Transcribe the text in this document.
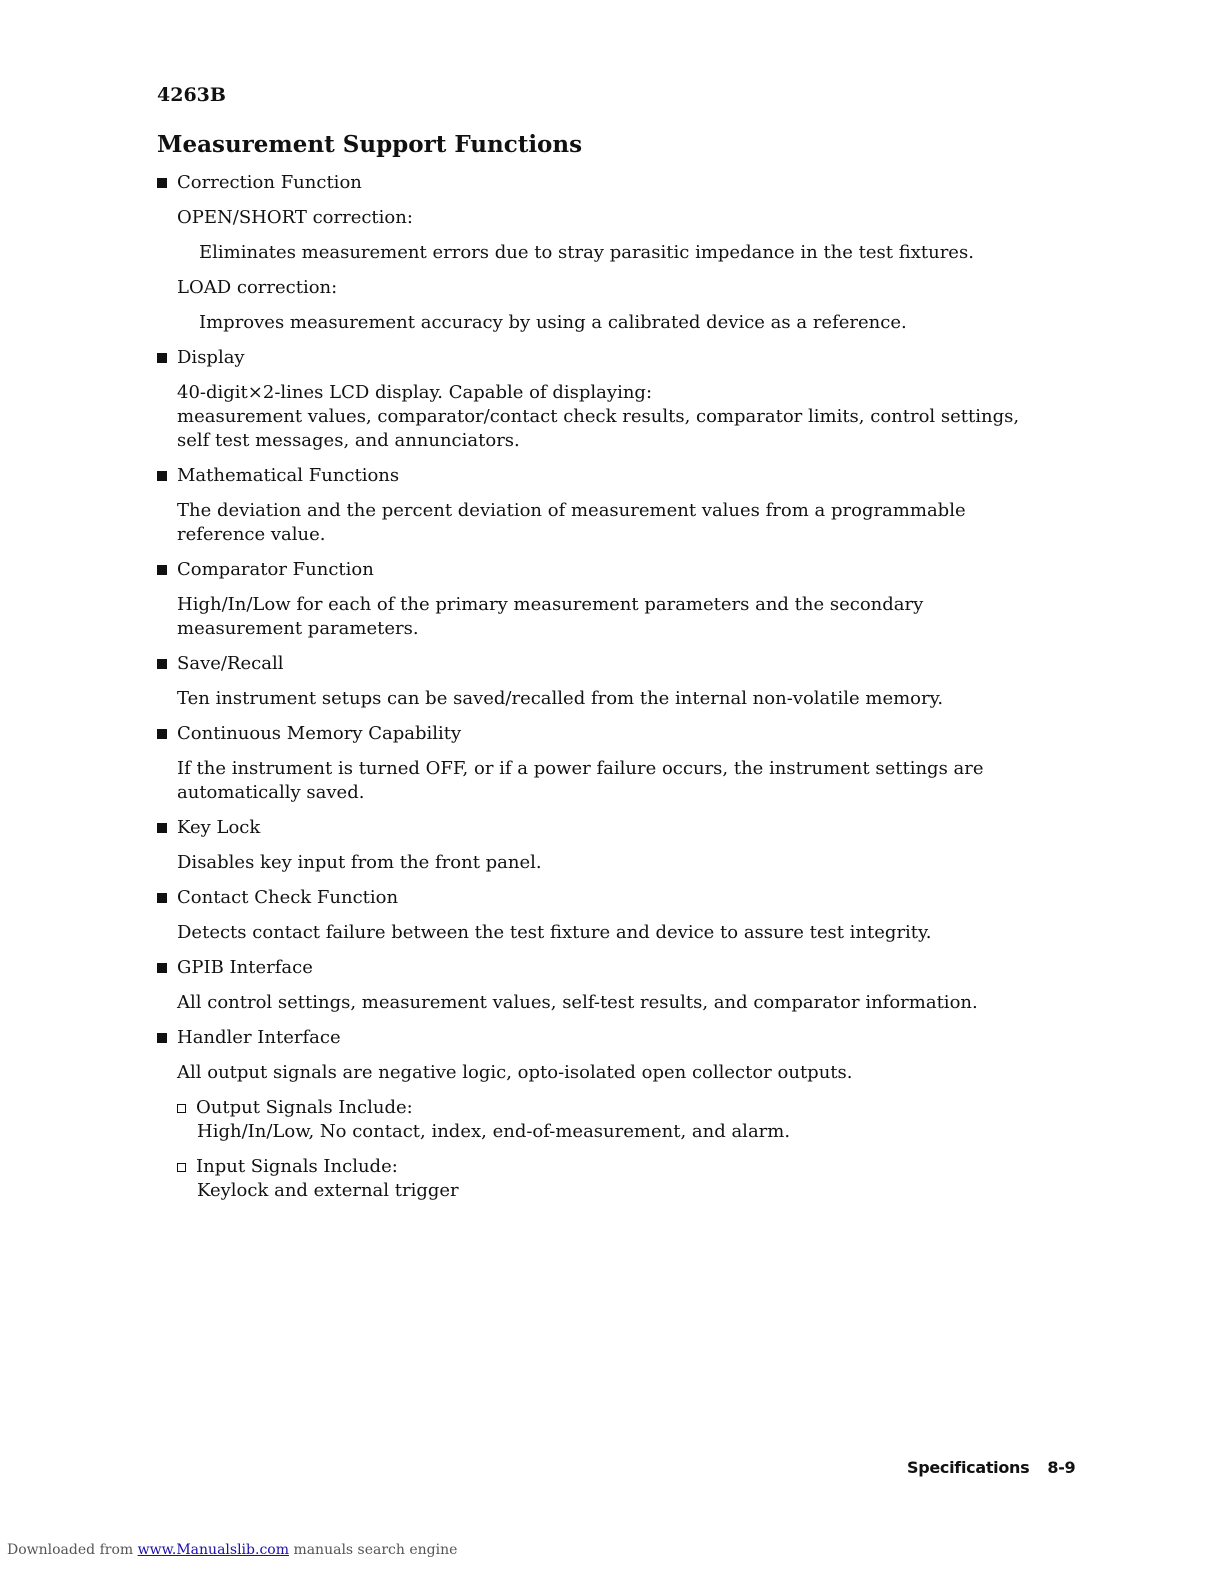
4263B
Measurement Support Functions
Correction Function
OPEN/SHORT correction:
Eliminates measurement errors due to stray parasitic impedance in the test fixtures.
LOAD correction:
Improves measurement accuracy by using a calibrated device as a reference.
Display
40-digit×2-lines LCD display. Capable of displaying:
measurement values, comparator/contact check results, comparator limits, control settings,
self test messages, and annunciators.
Mathematical Functions
The deviation and the percent deviation of measurement values from a programmable reference value.
Comparator Function
High/In/Low for each of the primary measurement parameters and the secondary measurement parameters.
Save/Recall
Ten instrument setups can be saved/recalled from the internal non-volatile memory.
Continuous Memory Capability
If the instrument is turned OFF, or if a power failure occurs, the instrument settings are automatically saved.
Key Lock
Disables key input from the front panel.
Contact Check Function
Detects contact failure between the test fixture and device to assure test integrity.
GPIB Interface
All control settings, measurement values, self-test results, and comparator information.
Handler Interface
All output signals are negative logic, opto-isolated open collector outputs.
Output Signals Include:
High/In/Low, No contact, index, end-of-measurement, and alarm.
Input Signals Include:
Keylock and external trigger
Specifications 8-9
Downloaded from www.Manualslib.com manuals search engine
